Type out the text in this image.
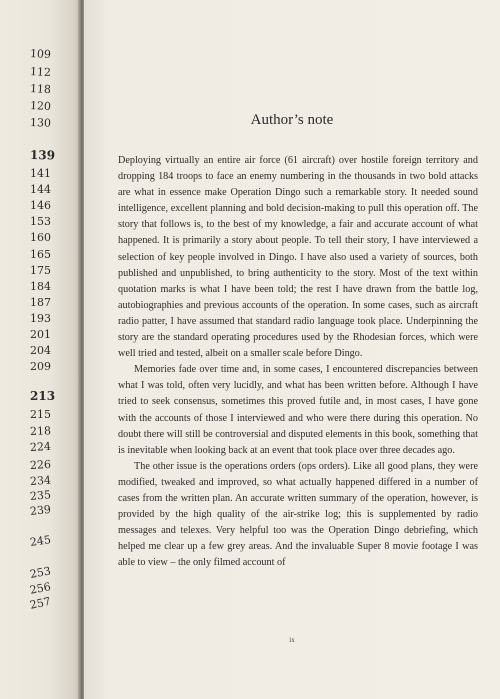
109
112
118
120
130
139
141
144
146
153
160
165
175
184
187
193
201
204
209
213
215
218
224
226
234
235
239
245
253
256
257
Author’s note

Deploying virtually an entire air force (61 aircraft) over hostile foreign territory and dropping 184 troops to face an enemy numbering in the thousands in two bold attacks are what in essence make Operation Dingo such a remarkable story. It needed sound intelligence, excellent planning and bold decision-making to pull this operation off. The story that follows is, to the best of my knowledge, a fair and accurate account of what happened. It is primarily a story about people. To tell their story, I have interviewed a selection of key people involved in Dingo. I have also used a variety of sources, both published and unpublished, to bring authenticity to the story. Most of the text within quotation marks is what I have been told; the rest I have drawn from the battle log, autobiographies and previous accounts of the operation. In some cases, such as aircraft radio patter, I have assumed that standard radio language took place. Underpinning the story are the standard operating procedures used by the Rhodesian forces, which were well tried and tested, albeit on a smaller scale before Dingo.

Memories fade over time and, in some cases, I encountered discrepancies between what I was told, often very lucidly, and what has been written before. Although I have tried to seek consensus, sometimes this proved futile and, in most cases, I have gone with the accounts of those I interviewed and who were there during this operation. No doubt there will still be controversial and disputed elements in this book, something that is inevitable when looking back at an event that took place over three decades ago.

The other issue is the operations orders (ops orders). Like all good plans, they were modified, tweaked and improved, so what actually happened differed in a number of cases from the written plan. An accurate written summary of the operation, however, is provided by the high quality of the air-strike log; this is supplemented by radio messages and telexes. Very helpful too was the Operation Dingo debriefing, which helped me clear up a few grey areas. And the invaluable Super 8 movie footage I was able to view – the only filmed account of

ix
